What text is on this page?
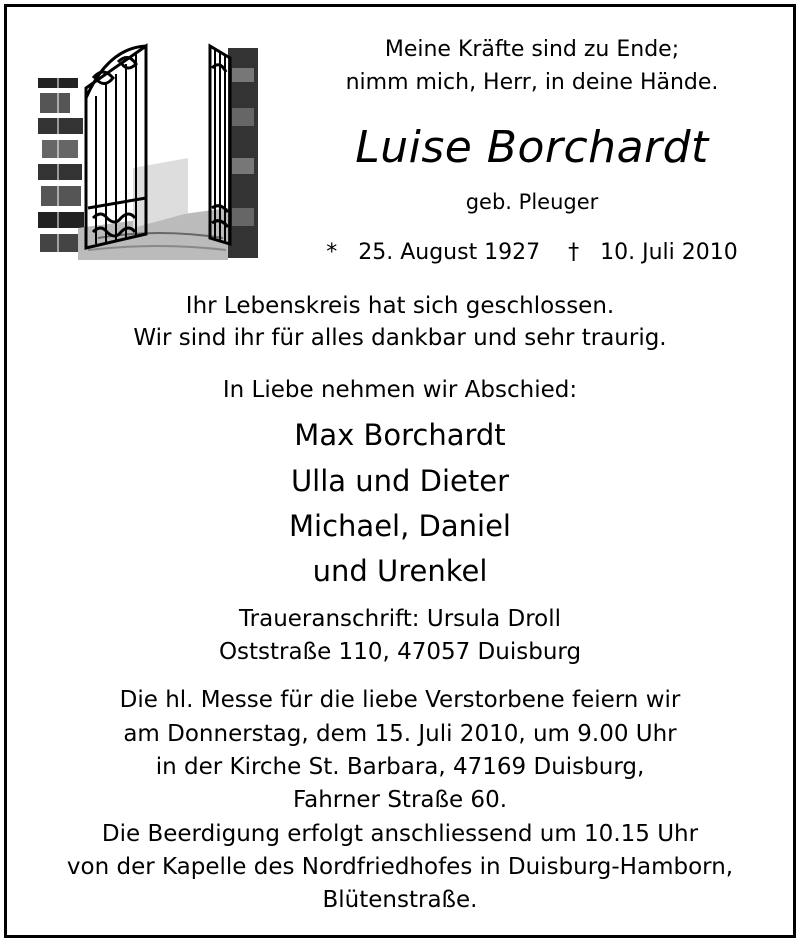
Meine Kräfte sind zu Ende;
nimm mich, Herr, in deine Hände.
Luise Borchardt
geb. Pleuger
* 25. August 1927 † 10. Juli 2010
Ihr Lebenskreis hat sich geschlossen.
Wir sind ihr für alles dankbar und sehr traurig.
In Liebe nehmen wir Abschied:
Max Borchardt
Ulla und Dieter
Michael, Daniel
und Urenkel
Traueranschrift: Ursula Droll
Oststraße 110, 47057 Duisburg
Die hl. Messe für die liebe Verstorbene feiern wir
am Donnerstag, dem 15. Juli 2010, um 9.00 Uhr
in der Kirche St. Barbara, 47169 Duisburg,
Fahrner Straße 60.
Die Beerdigung erfolgt anschliessend um 10.15 Uhr
von der Kapelle des Nordfriedhofes in Duisburg-Hamborn,
Blütenstraße.
